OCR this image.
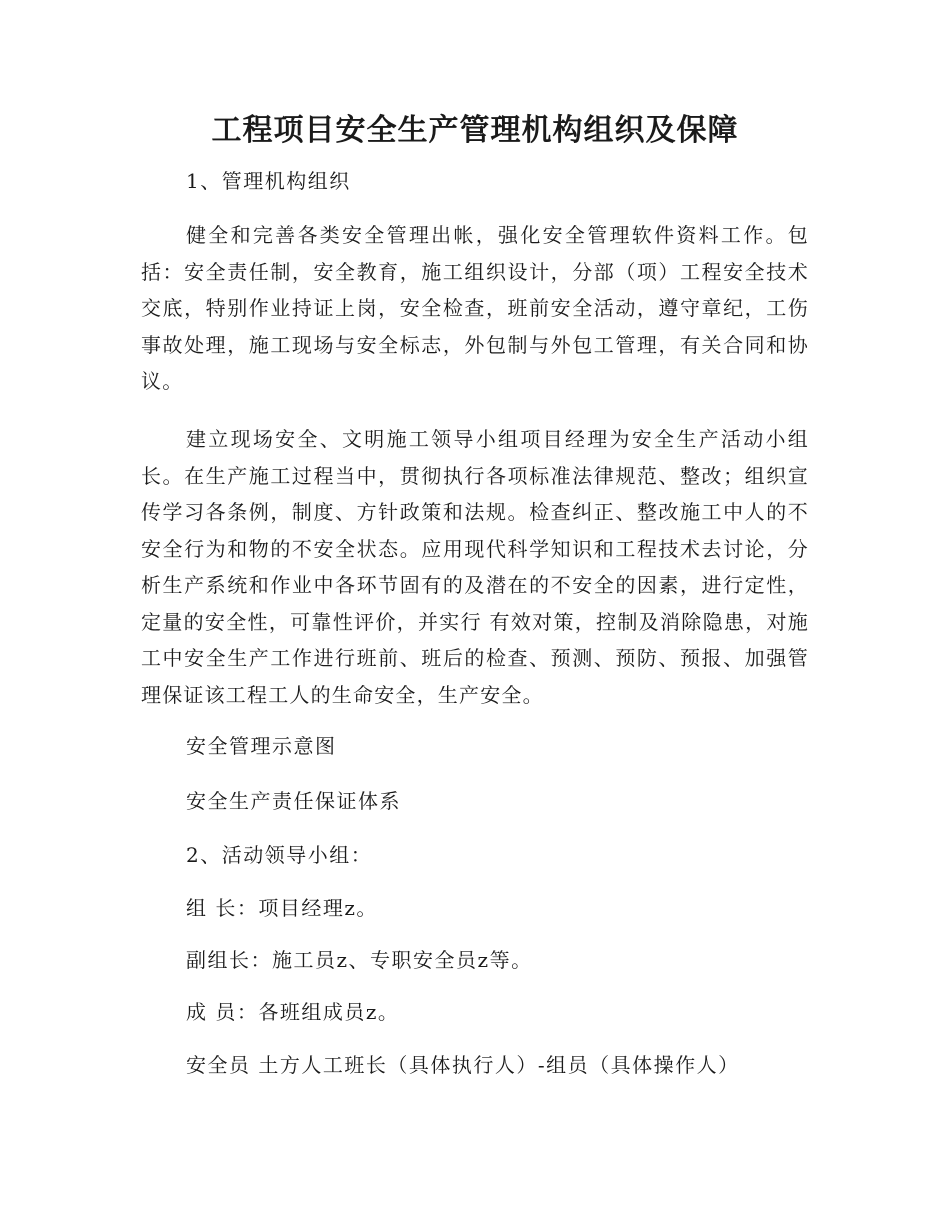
工程项目安全生产管理机构组织及保障

1、管理机构组织

健全和完善各类安全管理出帐，强化安全管理软件资料工作。包括：安全责任制，安全教育，施工组织设计，分部（项）工程安全技术交底，特别作业持证上岗，安全检查，班前安全活动，遵守章纪，工伤事故处理，施工现场与安全标志，外包制与外包工管理，有关合同和协议。

建立现场安全、文明施工领导小组项目经理为安全生产活动小组长。在生产施工过程当中，贯彻执行各项标准法律规范、整改；组织宣传学习各条例，制度、方针政策和法规。检查纠正、整改施工中人的不安全行为和物的不安全状态。应用现代科学知识和工程技术去讨论，分析生产系统和作业中各环节固有的及潜在的不安全的因素，进行定性，定量的安全性，可靠性评价，并实行 有效对策，控制及消除隐患，对施工中安全生产工作进行班前、班后的检查、预测、预防、预报、加强管理保证该工程工人的生命安全，生产安全。

安全管理示意图

安全生产责任保证体系

2、活动领导小组：

组 长：项目经理z。

副组长：施工员z、专职安全员z等。

成 员：各班组成员z。

安全员 土方人工班长（具体执行人）-组员（具体操作人）
